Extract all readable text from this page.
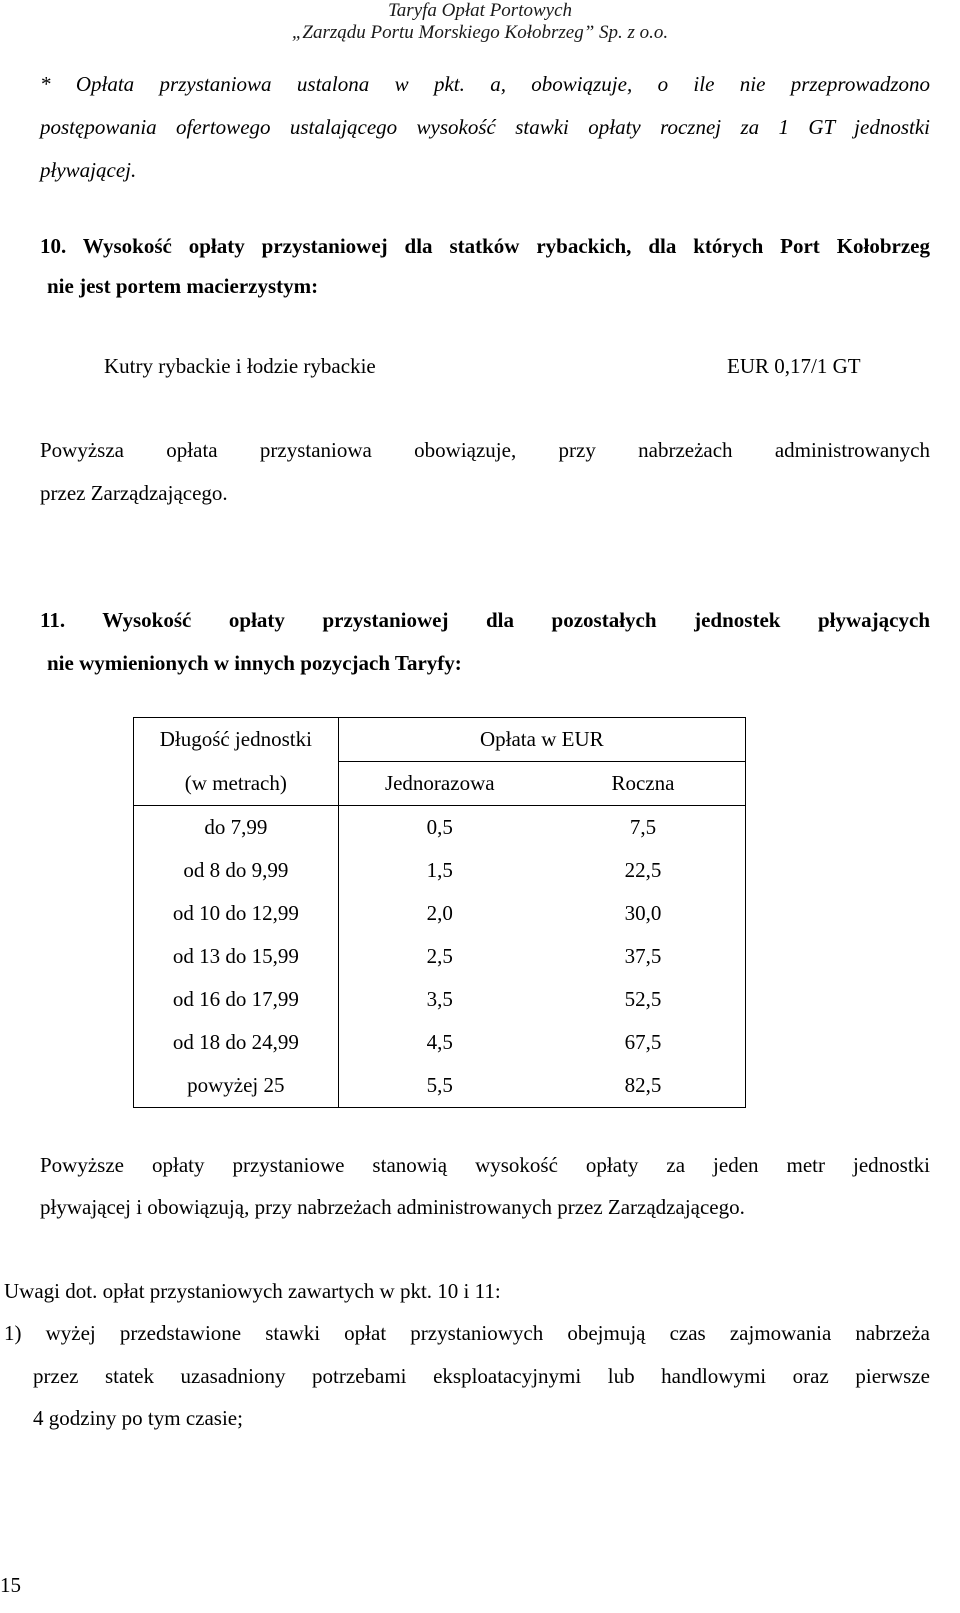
Taryfa Opłat Portowych
„Zarządu Portu Morskiego Kołobrzeg” Sp. z o.o.
* Opłata przystaniowa ustalona w pkt. a, obowiązuje, o ile nie przeprowadzono
postępowania ofertowego ustalającego wysokość stawki opłaty rocznej za 1 GT jednostki
pływającej.
10. Wysokość opłaty przystaniowej dla statków rybackich, dla których Port Kołobrzeg
nie jest portem macierzystym:
Kutry rybackie i łodzie rybackie	EUR 0,17/1 GT
Powyższa opłata przystaniowa obowiązuje, przy nabrzeżach administrowanych
przez Zarządzającego.
11. Wysokość opłaty przystaniowej dla pozostałych jednostek pływających
nie wymienionych w innych pozycjach Taryfy:
Długość jednostki	Opłata w EUR	
(w metrach)	Jednorazowa	Roczna
do 7,99	0,5	7,5
od 8 do 9,99	1,5	22,5
od 10 do 12,99	2,0	30,0
od 13 do 15,99	2,5	37,5
od 16 do 17,99	3,5	52,5
od 18 do 24,99	4,5	67,5
powyżej 25	5,5	82,5
Powyższe opłaty przystaniowe stanowią wysokość opłaty za jeden metr jednostki
pływającej i obowiązują, przy nabrzeżach administrowanych przez Zarządzającego.
Uwagi dot. opłat przystaniowych zawartych w pkt. 10 i 11:
1) wyżej przedstawione stawki opłat przystaniowych obejmują czas zajmowania nabrzeża
przez statek uzasadniony potrzebami eksploatacyjnymi lub handlowymi oraz pierwsze
4 godziny po tym czasie;
15
